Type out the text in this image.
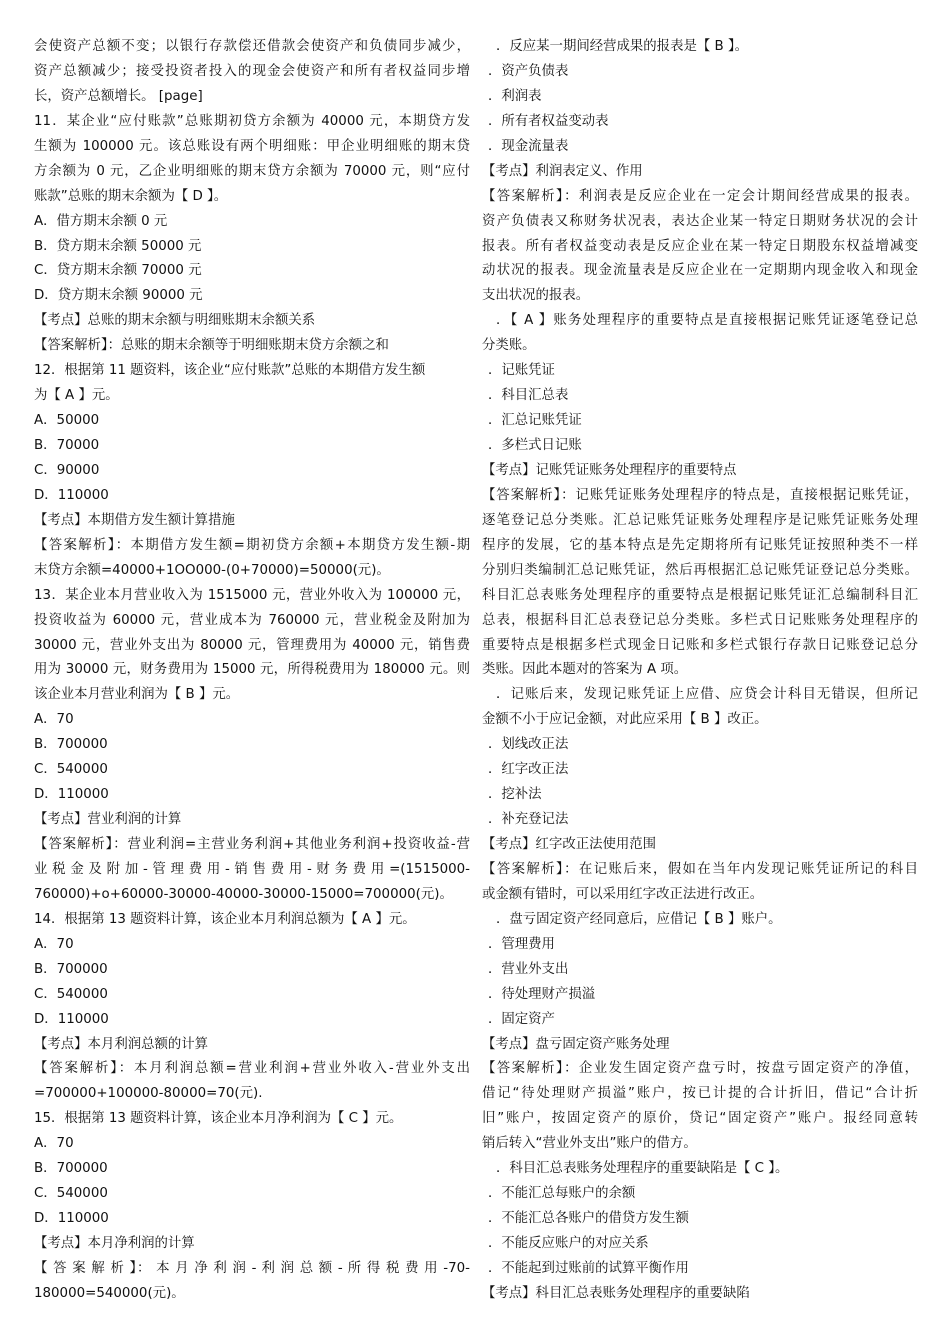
会使资产总额不变；以银行存款偿还借款会使资产和负债同步减少，
资产总额减少；接受投资者投入的现金会使资产和所有者权益同步增
长，资产总额增长。 [page]
11．某企业“应付账款”总账期初贷方余额为 40000 元，本期贷方发
生额为 100000 元。该总账设有两个明细账：甲企业明细账的期末贷
方余额为 0 元，乙企业明细账的期末贷方余额为 70000 元，则“应付
账款”总账的期末余额为【 D 】。
A．借方期末余额 0 元
B．贷方期末余额 50000 元
C．贷方期末余额 70000 元
D．贷方期末余额 90000 元
【考点】总账的期末余额与明细账期末余额关系
【答案解析】：总账的期末余额等于明细账期末贷方余额之和
12．根据第 11 题资料，该企业“应付账款”总账的本期借方发生额
为【 A 】元。
A．50000
B．70000
C．90000
D．110000
【考点】本期借方发生额计算措施
【答案解析】：本期借方发生额=期初贷方余额+本期贷方发生额-期
末贷方余额=40000+1OO000-(0+70000)=50000(元)。
13．某企业本月营业收入为 1515000 元，营业外收入为 100000 元，
投资收益为 60000 元，营业成本为 760000 元，营业税金及附加为
30000 元，营业外支出为 80000 元，管理费用为 40000 元，销售费
用为 30000 元，财务费用为 15000 元，所得税费用为 180000 元。则
该企业本月营业利润为【 B 】元。
A．70
B．700000
C．540000
D．110000
【考点】营业利润的计算
【答案解析】：营业利润=主营业务利润+其他业务利润+投资收益-营
业 税 金 及 附 加 - 管 理 费 用 - 销 售 费 用 - 财 务 费 用 =(1515000-
760000)+o+60000-30000-40000-30000-15000=700000(元)。
14．根据第 13 题资料计算，该企业本月利润总额为【 A 】元。
A．70
B．700000
C．540000
D．110000
【考点】本月利润总额的计算
【答案解析】：本月利润总额=营业利润+营业外收入-营业外支出
=700000+100000-80000=70(元).
15．根据第 13 题资料计算，该企业本月净利润为【 C 】元。
A．70
B．700000
C．540000
D．110000
【考点】本月净利润的计算
【 答 案 解 析 】： 本 月 净 利 润 - 利 润 总 额 - 所 得 税 费 用 -70-
180000=540000(元)。
．反应某一期间经营成果的报表是【 B 】。
．资产负债表
．利润表
．所有者权益变动表
．现金流量表
【考点】利润表定义、作用
【答案解析】：利润表是反应企业在一定会计期间经营成果的报表。
资产负债表又称财务状况表，表达企业某一特定日期财务状况的会计
报表。所有者权益变动表是反应企业在某一特定日期股东权益增减变
动状况的报表。现金流量表是反应企业在一定期期内现金收入和现金
支出状况的报表。
．【 A 】账务处理程序的重要特点是直接根据记账凭证逐笔登记总
分类账。
．记账凭证
．科目汇总表
．汇总记账凭证
．多栏式日记账
【考点】记账凭证账务处理程序的重要特点
【答案解析】：记账凭证账务处理程序的特点是，直接根据记账凭证，
逐笔登记总分类账。汇总记账凭证账务处理程序是记账凭证账务处理
程序的发展，它的基本特点是先定期将所有记账凭证按照种类不一样
分别归类编制汇总记账凭证，然后再根据汇总记账凭证登记总分类账。
科目汇总表账务处理程序的重要特点是根据记账凭证汇总编制科目汇
总表，根据科目汇总表登记总分类账。多栏式日记账账务处理程序的
重要特点是根据多栏式现金日记账和多栏式银行存款日记账登记总分
类账。因此本题对的答案为 A 项。
．记账后来，发现记账凭证上应借、应贷会计科目无错误，但所记
金额不小于应记金额，对此应采用【 B 】改正。
．划线改正法
．红字改正法
．挖补法
．补充登记法
【考点】红字改正法使用范围
【答案解析】：在记账后来，假如在当年内发现记账凭证所记的科目
或金额有错时，可以采用红字改正法进行改正。
．盘亏固定资产经同意后，应借记【 B 】账户。
．管理费用
．营业外支出
．待处理财产损溢
．固定资产
【考点】盘亏固定资产账务处理
【答案解析】：企业发生固定资产盘亏时，按盘亏固定资产的净值，
借记“待处理财产损溢”账户，按已计提的合计折旧，借记“合计折
旧”账户，按固定资产的原价，贷记“固定资产”账户。报经同意转
销后转入“营业外支出”账户的借方。
．科目汇总表账务处理程序的重要缺陷是【 C 】。
．不能汇总每账户的余额
．不能汇总各账户的借贷方发生额
．不能反应账户的对应关系
．不能起到过账前的试算平衡作用
【考点】科目汇总表账务处理程序的重要缺陷
